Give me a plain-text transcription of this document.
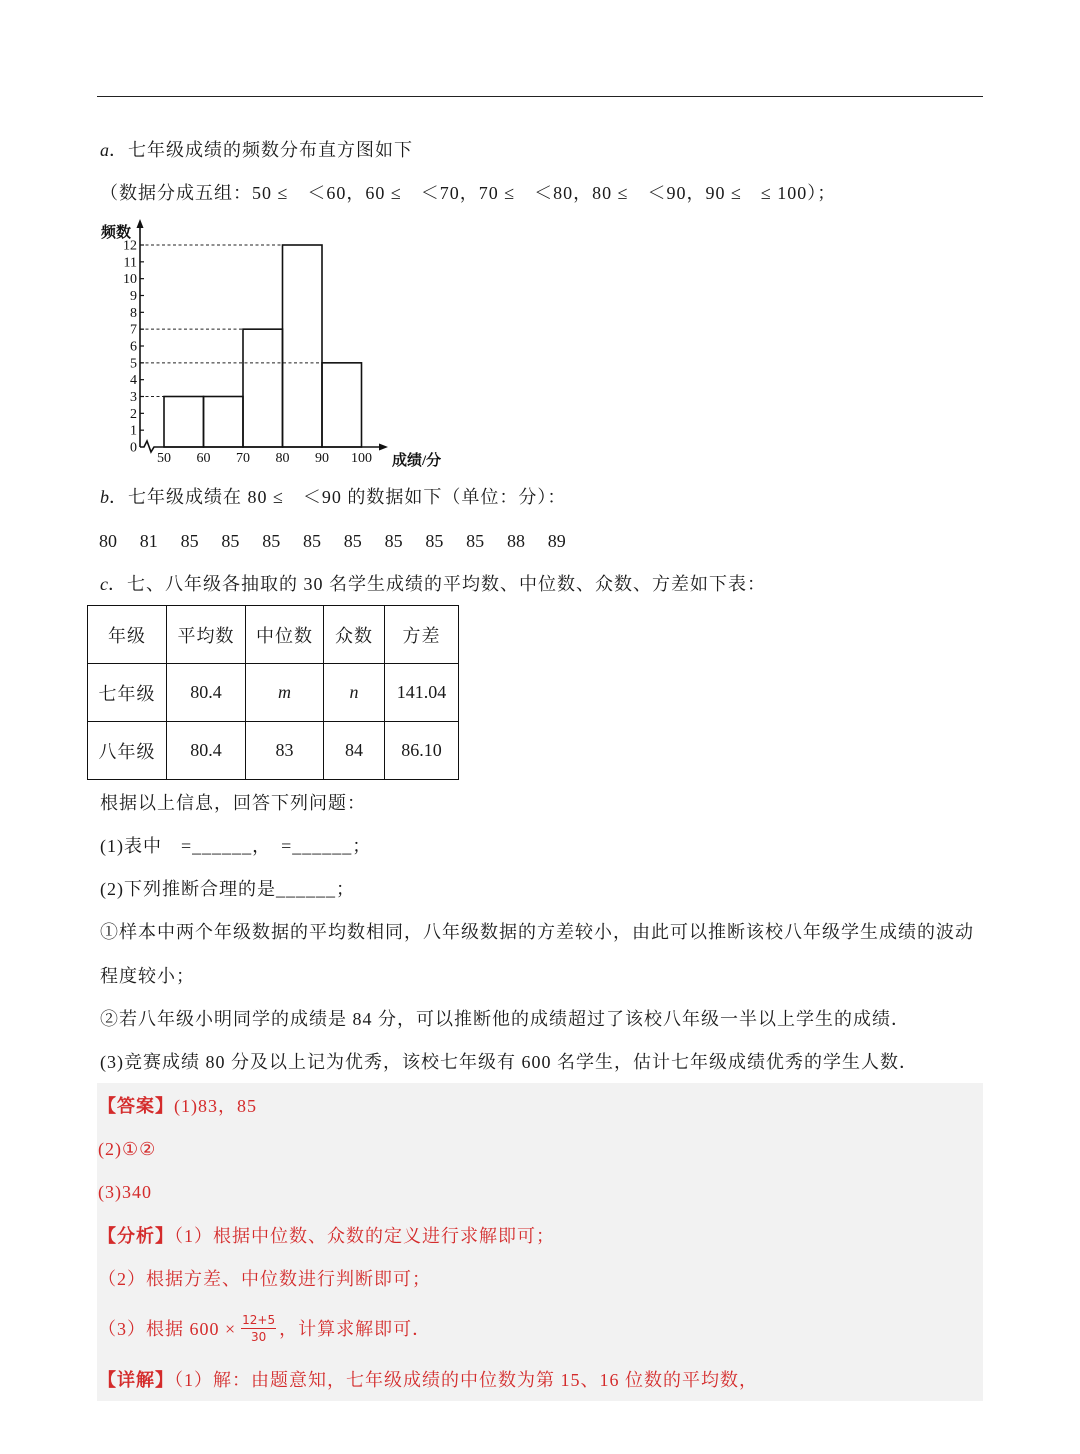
a．七年级成绩的频数分布直方图如下
（数据分成五组：50 ≤　＜60，60 ≤　＜70，70 ≤　＜80，80 ≤　＜90，90 ≤　≤ 100）；
频数
成绩/分
0
1
2
3
4
5
6
7
8
9
10
11
12
50 60 70 80 90 100
b．七年级成绩在 80 ≤　＜90 的数据如下（单位：分）：
80	81	85	85	85	85	85	85	85	85	88	89
c．七、八年级各抽取的 30 名学生成绩的平均数、中位数、众数、方差如下表：
年级	平均数	中位数	众数	方差
七年级	80.4	m	n	141.04
八年级	80.4	83	84	86.10
根据以上信息，回答下列问题：
(1)表中　=______，　=______；
(2)下列推断合理的是______；
①样本中两个年级数据的平均数相同，八年级数据的方差较小，由此可以推断该校八年级学生成绩的波动
程度较小；
②若八年级小明同学的成绩是 84 分，可以推断他的成绩超过了该校八年级一半以上学生的成绩．
(3)竞赛成绩 80 分及以上记为优秀，该校七年级有 600 名学生，估计七年级成绩优秀的学生人数．
【答案】(1)83，85
(2)①②
(3)340
【分析】（1）根据中位数、众数的定义进行求解即可；
（2）根据方差、中位数进行判断即可；
（3）根据 $600 \times \frac{12+5}{30}$ ，计算求解即可．
【详解】（1）解：由题意知，七年级成绩的中位数为第 15、16 位数的平均数，
